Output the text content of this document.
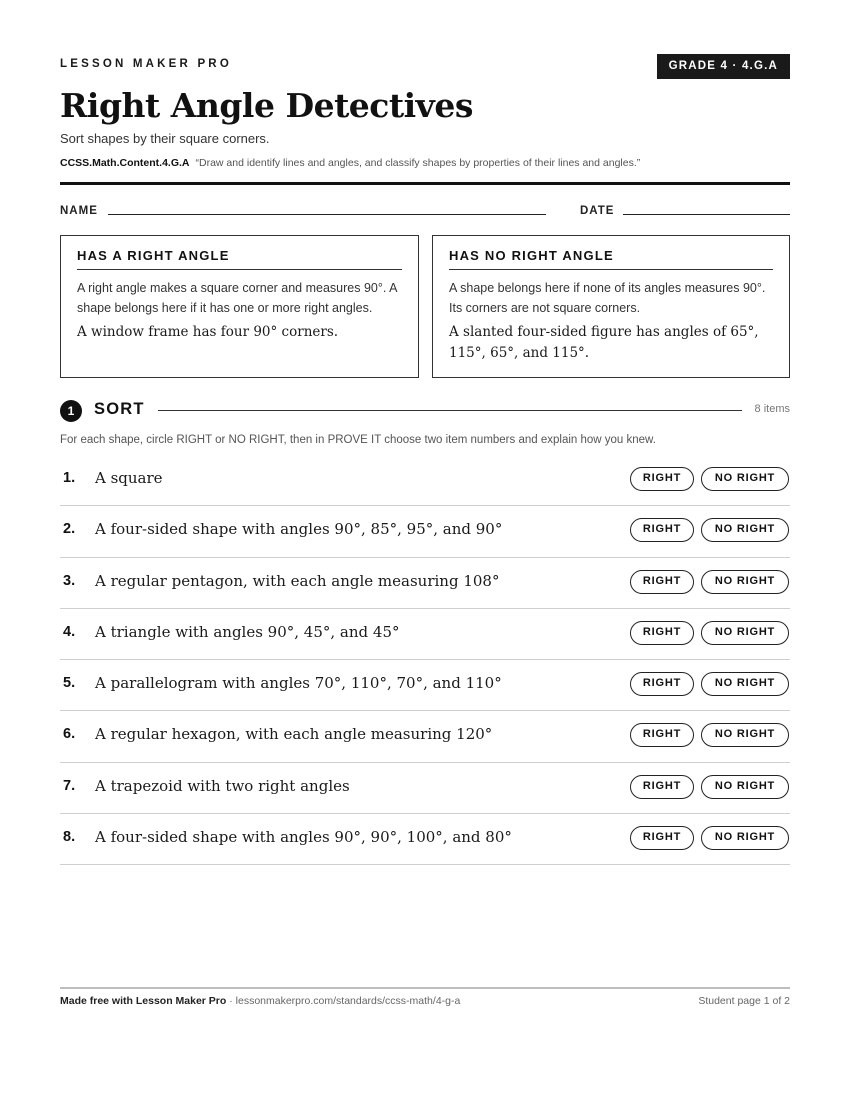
LESSON MAKER PRO	GRADE 4 · 4.G.A
Right Angle Detectives
Sort shapes by their square corners.
CCSS.Math.Content.4.G.A “Draw and identify lines and angles, and classify shapes by properties of their lines and angles.”
NAME	DATE
HAS A RIGHT ANGLE
A right angle makes a square corner and measures 90°. A shape belongs here if it has one or more right angles.
A window frame has four 90° corners.
HAS NO RIGHT ANGLE
A shape belongs here if none of its angles measures 90°. Its corners are not square corners.
A slanted four-sided figure has angles of 65°, 115°, 65°, and 115°.
1	SORT	8 items
For each shape, circle RIGHT or NO RIGHT, then in PROVE IT choose two item numbers and explain how you knew.
1. A square	RIGHT	NO RIGHT
2. A four-sided shape with angles 90°, 85°, 95°, and 90°	RIGHT	NO RIGHT
3. A regular pentagon, with each angle measuring 108°	RIGHT	NO RIGHT
4. A triangle with angles 90°, 45°, and 45°	RIGHT	NO RIGHT
5. A parallelogram with angles 70°, 110°, 70°, and 110°	RIGHT	NO RIGHT
6. A regular hexagon, with each angle measuring 120°	RIGHT	NO RIGHT
7. A trapezoid with two right angles	RIGHT	NO RIGHT
8. A four-sided shape with angles 90°, 90°, 100°, and 80°	RIGHT	NO RIGHT
Made free with Lesson Maker Pro · lessonmakerpro.com/standards/ccss-math/4-g-a	Student page 1 of 2
